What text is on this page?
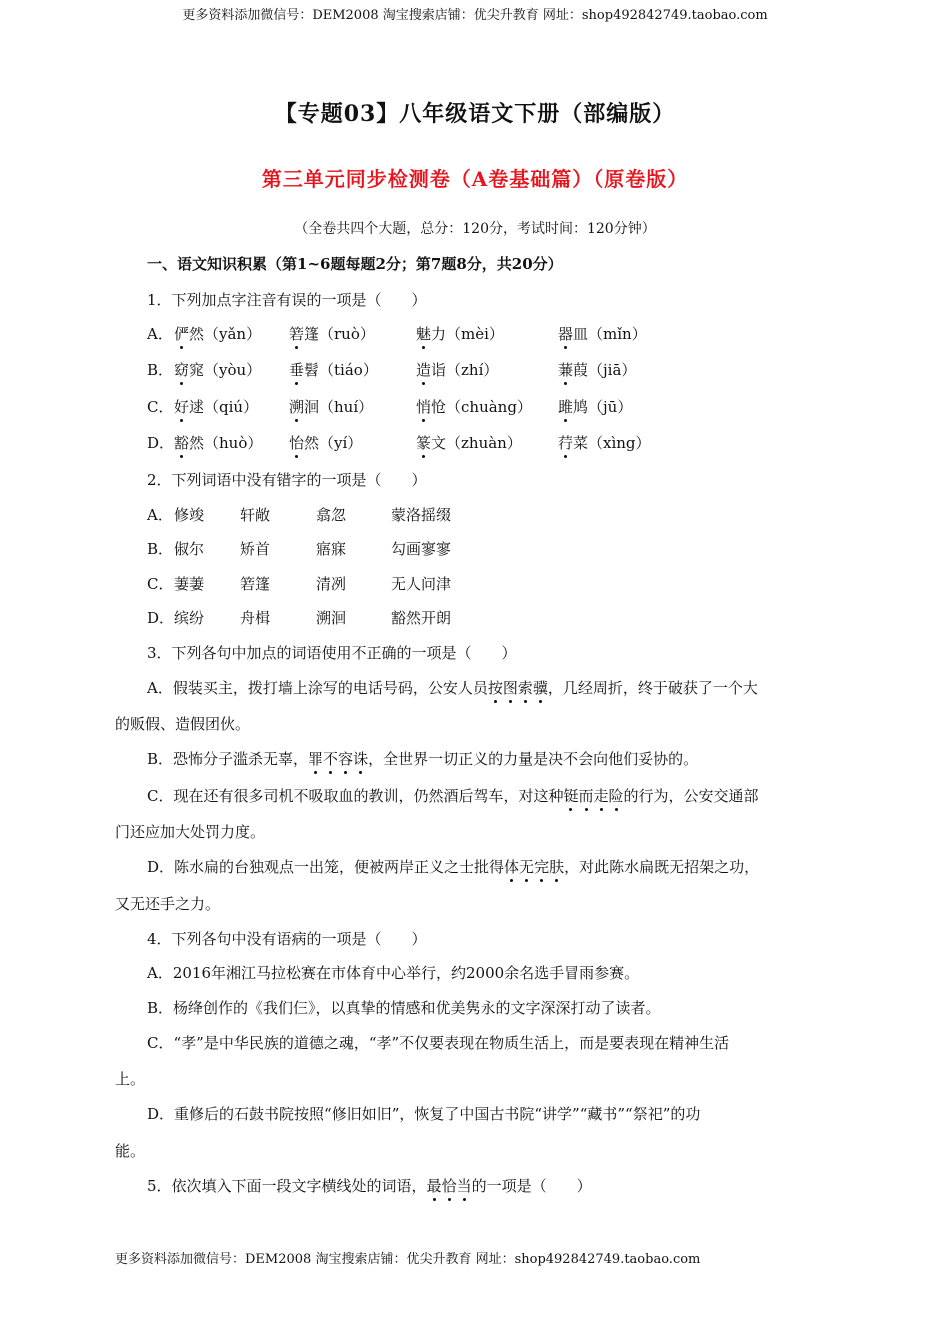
更多资料添加微信号：DEM2008 淘宝搜索店铺：优尖升教育 网址：shop492842749.taobao.com
【专题03】八年级语文下册（部编版）
第三单元同步检测卷（A卷基础篇）（原卷版）
（全卷共四个大题，总分：120分，考试时间：120分钟）
一、语文知识积累（第1~6题每题2分；第7题8分，共20分）
1．下列加点字注音有误的一项是（　　）
A． 俨然（yǎn） 箬篷（ruò）	魅力（mèi）	器皿（mǐn）
B． 窈窕（yòu） 垂髫（tiáo）	造诣（zhí）	蒹葭（jiā）
C． 好逑（qiú） 溯洄（huí）	悄怆（chuàng） 雎鸠（jū）
D． 豁然（huò） 怡然（yí）	篆文（zhuàn） 荇菜（xìng）
2．下列词语中没有错字的一项是（　　）
A． 修竣 轩敞	翕忽	蒙洛摇缀
B． 俶尔 矫首	寤寐	勾画寥寥
C． 萋萋 箬篷	清冽	无人问津
D． 缤纷 舟楫	溯洄	豁然开朗
3．下列各句中加点的词语使用不正确的一项是（　　）
A．假装买主，拨打墙上涂写的电话号码，公安人员按图索骥，几经周折，终于破获了一个大
的贩假、造假团伙。
B．恐怖分子滥杀无辜，罪不容诛，全世界一切正义的力量是决不会向他们妥协的。
C．现在还有很多司机不吸取血的教训，仍然酒后驾车，对这种铤而走险的行为，公安交通部
门还应加大处罚力度。
D．陈水扁的台独观点一出笼，便被两岸正义之士批得体无完肤，对此陈水扁既无招架之功，
又无还手之力。
4．下列各句中没有语病的一项是（　　）
A．2016年湘江马拉松赛在市体育中心举行，约2000余名选手冒雨参赛。
B．杨绛创作的《我们仨》，以真挚的情感和优美隽永的文字深深打动了读者。
C．“孝”是中华民族的道德之魂，“孝”不仅要表现在物质生活上，而是要表现在精神生活
上。
D．重修后的石鼓书院按照“修旧如旧”，恢复了中国古书院“讲学”“藏书”“祭祀”的功
能。
5．依次填入下面一段文字横线处的词语，最恰当的一项是（　　）
更多资料添加微信号：DEM2008 淘宝搜索店铺：优尖升教育 网址：shop492842749.taobao.com
